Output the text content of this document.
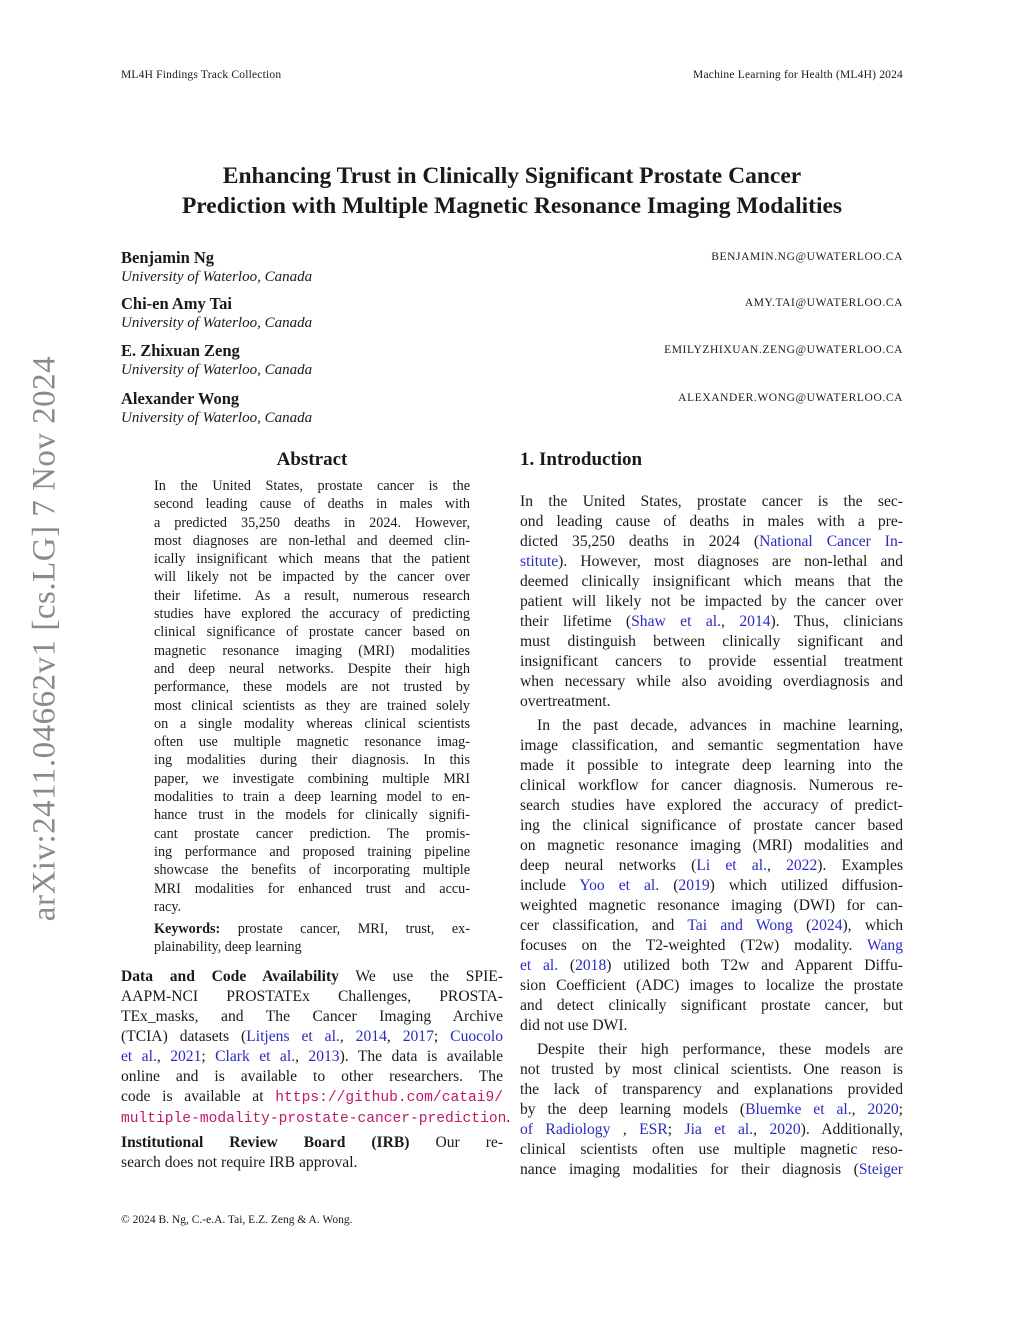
ML4H Findings Track Collection	Machine Learning for Health (ML4H) 2024
arXiv:2411.04662v1 [cs.LG] 7 Nov 2024
Enhancing Trust in Clinically Significant Prostate Cancer
Prediction with Multiple Magnetic Resonance Imaging Modalities
Benjamin Ng
University of Waterloo, Canada
BENJAMIN.NG@UWATERLOO.CA
Chi-en Amy Tai
University of Waterloo, Canada
AMY.TAI@UWATERLOO.CA
E. Zhixuan Zeng
University of Waterloo, Canada
EMILYZHIXUAN.ZENG@UWATERLOO.CA
Alexander Wong
University of Waterloo, Canada
ALEXANDER.WONG@UWATERLOO.CA
Abstract	1. Introduction
In the United States, prostate cancer is the
second leading cause of deaths in males with
a predicted 35,250 deaths in 2024. However,
most diagnoses are non-lethal and deemed clin-
ically insignificant which means that the patient
will likely not be impacted by the cancer over
their lifetime. As a result, numerous research
studies have explored the accuracy of predicting
clinical significance of prostate cancer based on
magnetic resonance imaging (MRI) modalities
and deep neural networks. Despite their high
performance, these models are not trusted by
most clinical scientists as they are trained solely
on a single modality whereas clinical scientists
often use multiple magnetic resonance imag-
ing modalities during their diagnosis. In this
paper, we investigate combining multiple MRI
modalities to train a deep learning model to en-
hance trust in the models for clinically signifi-
cant prostate cancer prediction. The promis-
ing performance and proposed training pipeline
showcase the benefits of incorporating multiple
MRI modalities for enhanced trust and accu-
racy.
Keywords: prostate cancer, MRI, trust, ex-
plainability, deep learning
Data and Code Availability We use the SPIE-
AAPM-NCI PROSTATEx Challenges, PROSTA-
TEx_masks, and The Cancer Imaging Archive
(TCIA) datasets (Litjens et al., 2014, 2017; Cuocolo
et al., 2021; Clark et al., 2013). The data is available
online and is available to other researchers. The
code is available at https://github.com/catai9/
multiple-modality-prostate-cancer-prediction.
Institutional Review Board (IRB) Our re-
search does not require IRB approval.
In the United States, prostate cancer is the sec-
ond leading cause of deaths in males with a pre-
dicted 35,250 deaths in 2024 (National Cancer In-
stitute). However, most diagnoses are non-lethal and
deemed clinically insignificant which means that the
patient will likely not be impacted by the cancer over
their lifetime (Shaw et al., 2014). Thus, clinicians
must distinguish between clinically significant and
insignificant cancers to provide essential treatment
when necessary while also avoiding overdiagnosis and
overtreatment.
In the past decade, advances in machine learning,
image classification, and semantic segmentation have
made it possible to integrate deep learning into the
clinical workflow for cancer diagnosis. Numerous re-
search studies have explored the accuracy of predict-
ing the clinical significance of prostate cancer based
on magnetic resonance imaging (MRI) modalities and
deep neural networks (Li et al., 2022). Examples
include Yoo et al. (2019) which utilized diffusion-
weighted magnetic resonance imaging (DWI) for can-
cer classification, and Tai and Wong (2024), which
focuses on the T2-weighted (T2w) modality. Wang
et al. (2018) utilized both T2w and Apparent Diffu-
sion Coefficient (ADC) images to localize the prostate
and detect clinically significant prostate cancer, but
did not use DWI.
Despite their high performance, these models are
not trusted by most clinical scientists. One reason is
the lack of transparency and explanations provided
by the deep learning models (Bluemke et al., 2020;
of Radiology , ESR; Jia et al., 2020). Additionally,
clinical scientists often use multiple magnetic reso-
nance imaging modalities for their diagnosis (Steiger
© 2024 B. Ng, C.-e.A. Tai, E.Z. Zeng & A. Wong.
